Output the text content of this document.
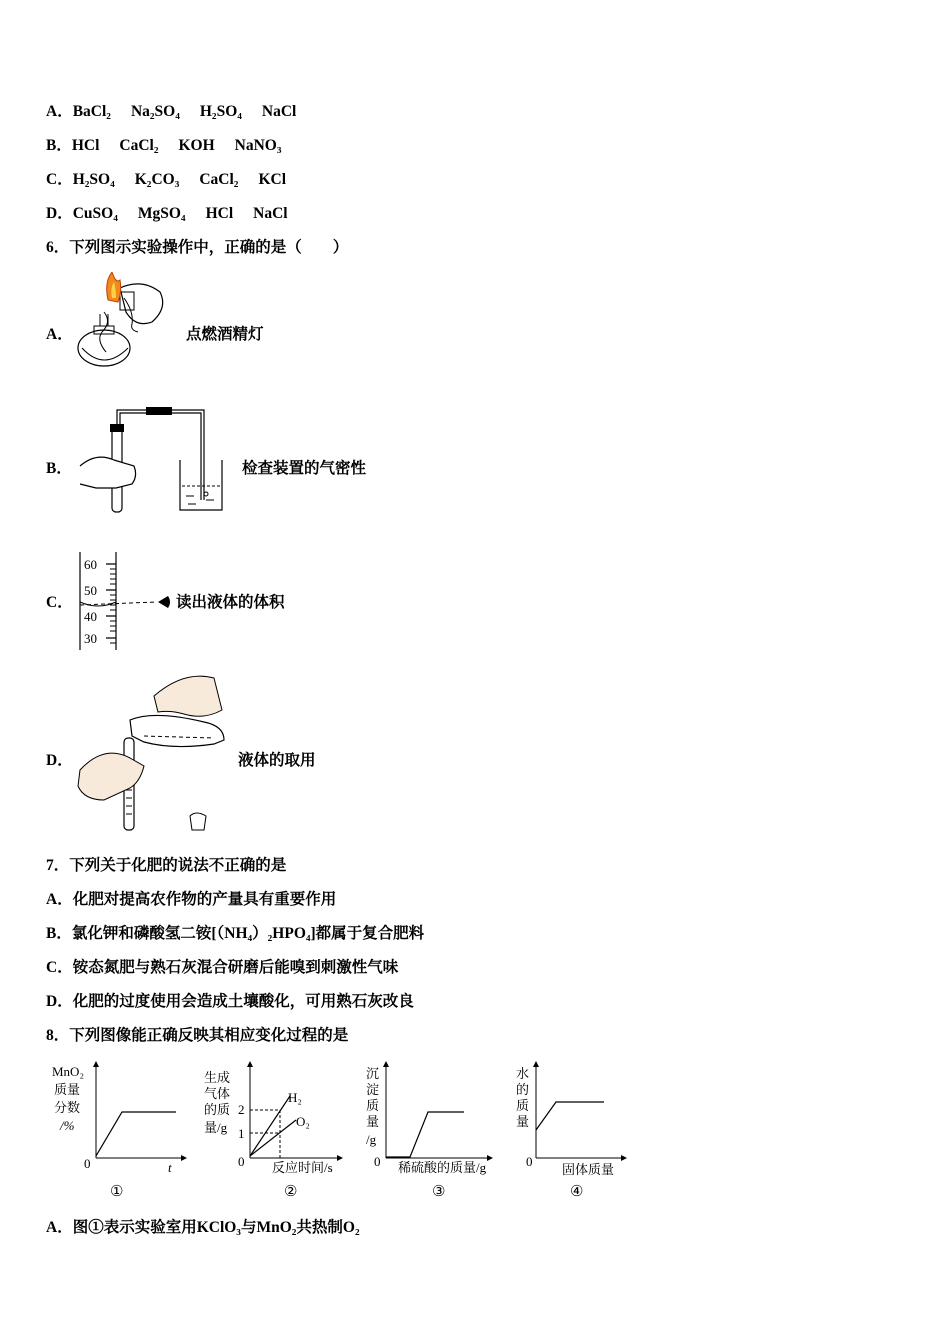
A．BaCl₂ Na₂SO₄ H₂SO₄ NaCl
B．HCl CaCl₂ KOH NaNO₃
C．H₂SO₄ K₂CO₃ CaCl₂ KCl
D．CuSO₄ MgSO₄ HCl NaCl
6．下列图示实验操作中，正确的是（　　）
A．	点燃酒精灯
B．	检查装置的气密性
C．
60
50
40
30
读出液体的体积
D．	液体的取用
7．下列关于化肥的说法不正确的是
A．化肥对提高农作物的产量具有重要作用
B．氯化钾和磷酸氢二铵[（NH₄）₂HPO₄]都属于复合肥料
C．铵态氮肥与熟石灰混合研磨后能嗅到刺激性气味
D．化肥的过度使用会造成土壤酸化，可用熟石灰改良
8．下列图像能正确反映其相应变化过程的是
MnO₂
质量
分数
/%
0	t
①
生成
气体
的质
量/g
2
1
H₂
O₂
0 反应时间/s
②
沉
淀
质
量
/g
0 稀硫酸的质量/g
③
水
的
质
量
0
固体质量
④
A．图①表示实验室用KClO₃与MnO₂共热制O₂
